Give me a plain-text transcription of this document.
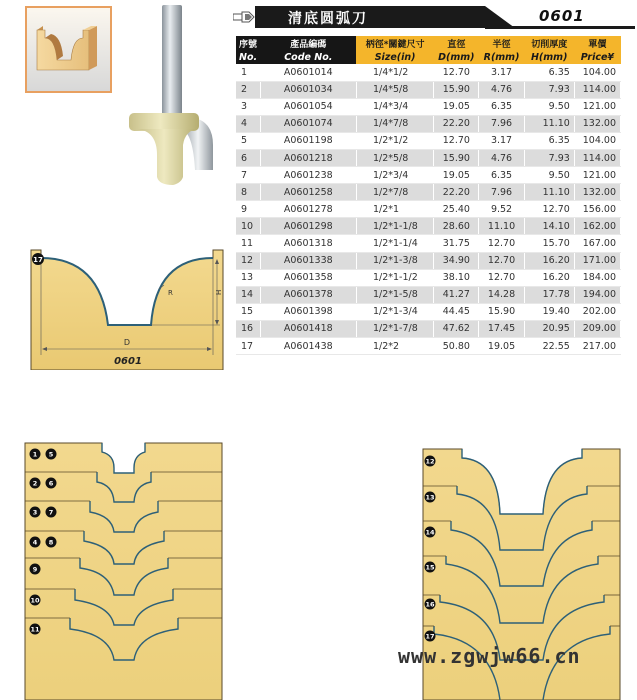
清底圆弧刀	0601
序號	產品編碼	柄徑*關鍵尺寸	直徑	半徑	切削厚度	單價
No.	Code No.	Size(in)	D(mm)	R(mm)	H(mm)	Price¥
1	A0601014	1/4*1/2	12.70	3.17	6.35	104.00
2	A0601034	1/4*5/8	15.90	4.76	7.93	114.00
3	A0601054	1/4*3/4	19.05	6.35	9.50	121.00
4	A0601074	1/4*7/8	22.20	7.96	11.10	132.00
5	A0601198	1/2*1/2	12.70	3.17	6.35	104.00
6	A0601218	1/2*5/8	15.90	4.76	7.93	114.00
7	A0601238	1/2*3/4	19.05	6.35	9.50	121.00
8	A0601258	1/2*7/8	22.20	7.96	11.10	132.00
9	A0601278	1/2*1	25.40	9.52	12.70	156.00
10	A0601298	1/2*1-1/8	28.60	11.10	14.10	162.00
11	A0601318	1/2*1-1/4	31.75	12.70	15.70	167.00
12	A0601338	1/2*1-3/8	34.90	12.70	16.20	171.00
13	A0601358	1/2*1-1/2	38.10	12.70	16.20	184.00
14	A0601378	1/2*1-5/8	41.27	14.28	17.78	194.00
15	A0601398	1/2*1-3/4	44.45	15.90	19.40	202.00
16	A0601418	1/2*1-7/8	47.62	17.45	20.95	209.00
17	A0601438	1/2*2	50.80	19.05	22.55	217.00
17
D
R	H
0601
1 5
2 6
3 7
4 8
9
10
11
12
13
14
15
16
17
www.zgwjw66.cn
